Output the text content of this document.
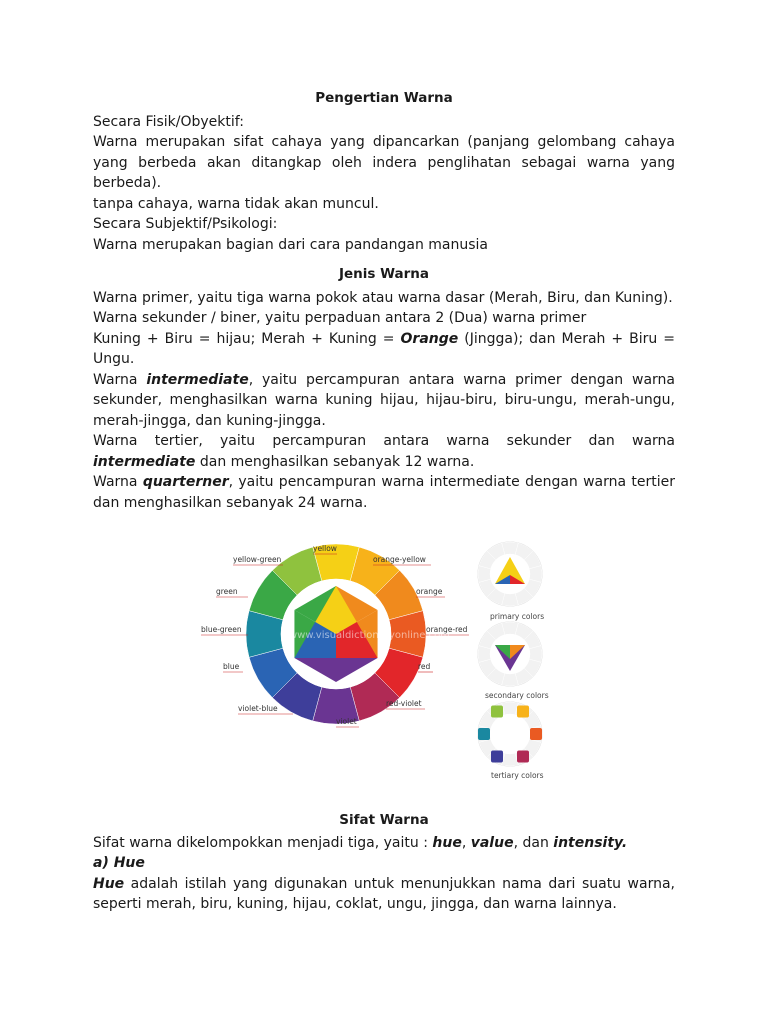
Pengertian Warna

Secara Fisik/Obyektif:

Warna merupakan sifat cahaya yang dipancarkan (panjang gelombang cahaya yang berbeda akan ditangkap oleh indera penglihatan sebagai warna yang berbeda).

tanpa cahaya, warna tidak akan muncul.

Secara Subjektif/Psikologi:

Warna merupakan bagian dari cara pandangan manusia

Jenis Warna

Warna primer, yaitu tiga warna pokok atau warna dasar (Merah, Biru, dan Kuning).

Warna sekunder / biner, yaitu perpaduan antara 2 (Dua) warna primer

Kuning + Biru = hijau; Merah + Kuning = Orange (Jingga); dan Merah + Biru = Ungu.

Warna intermediate, yaitu percampuran antara warna primer dengan warna sekunder, menghasilkan warna kuning hijau, hijau-biru, biru-ungu, merah-ungu, merah-jingga, dan kuning-jingga.

Warna tertier, yaitu percampuran antara warna sekunder dan warna intermediate dan menghasilkan sebanyak 12 warna.

Warna quarterner, yaitu pencampuran warna intermediate dengan warna tertier dan menghasilkan sebanyak 24 warna.

yellow
yellow-green	orange-yellow
green	orange
blue-green	orange-red
blue	red
violet-blue
red-violet
violet
www.visualdictionaryonline.com
primary colors
secondary colors
tertiary colors
Sifat Warna

Sifat warna dikelompokkan menjadi tiga, yaitu : hue, value, dan intensity.

a) Hue

Hue adalah istilah yang digunakan untuk menunjukkan nama dari suatu warna, seperti merah, biru, kuning, hijau, coklat, ungu, jingga, dan warna lainnya.
